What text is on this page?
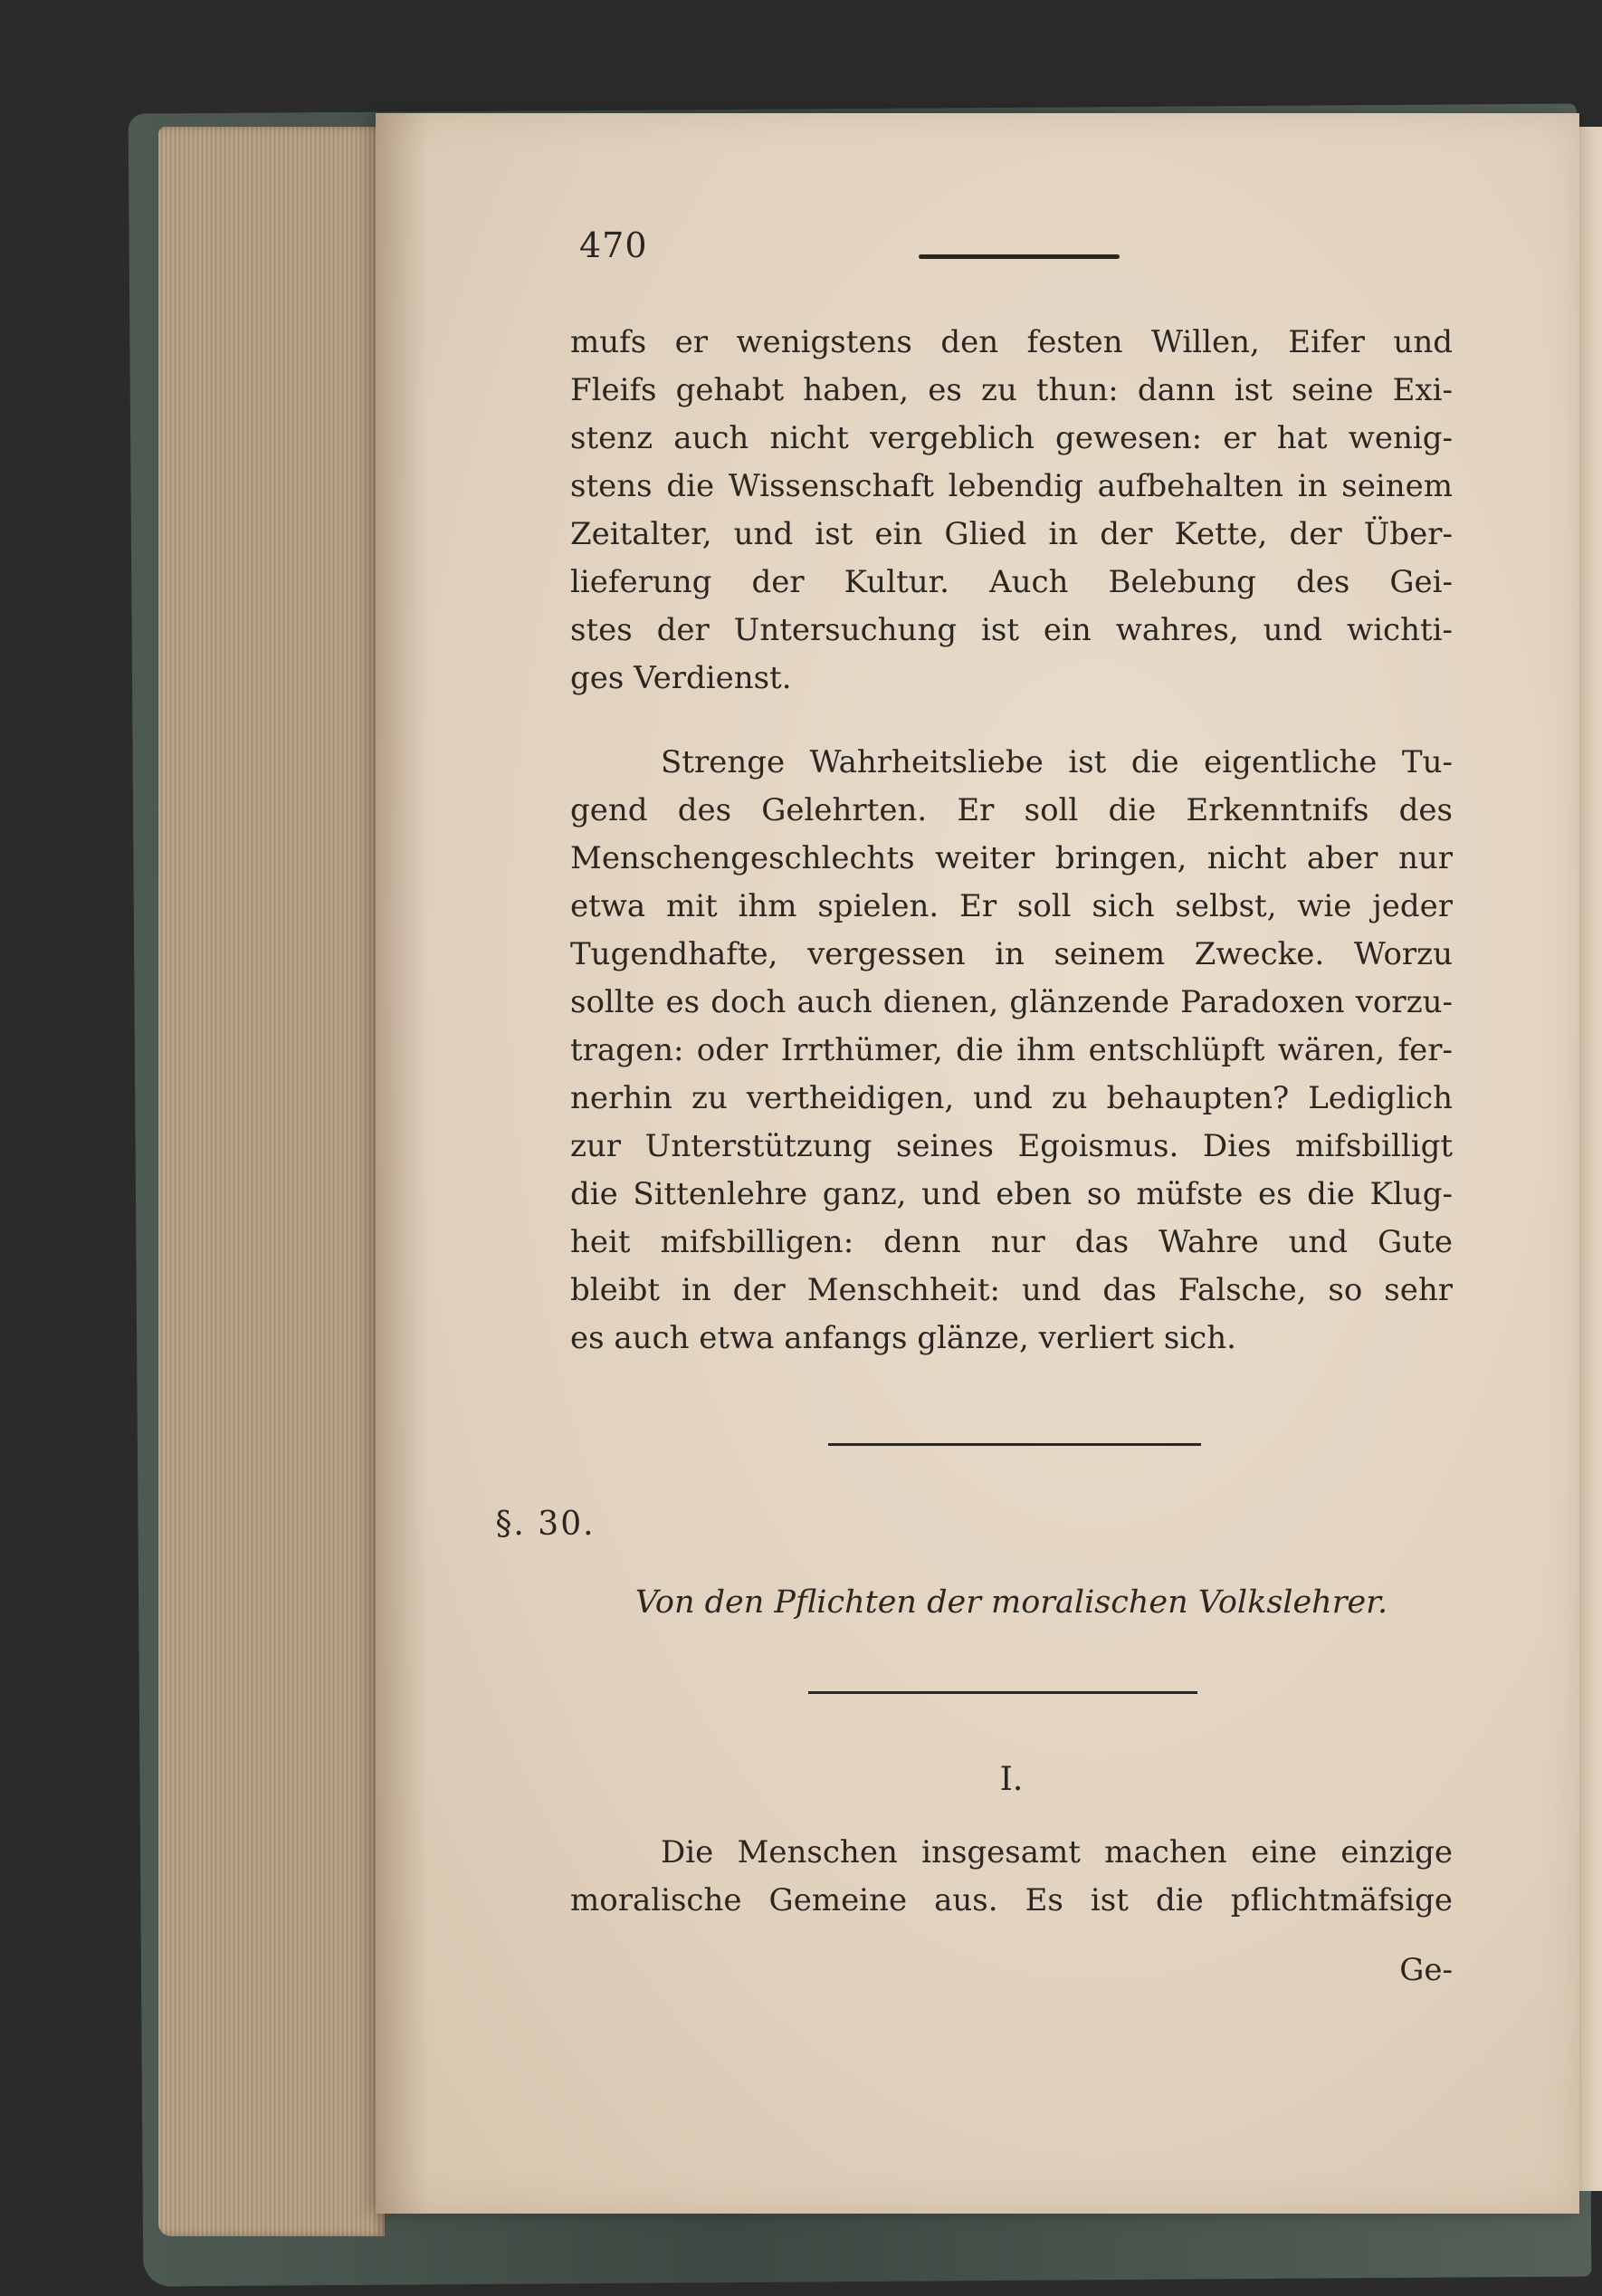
470
mufs er wenigstens den festen Willen, Eifer und
Fleifs gehabt haben, es zu thun: dann ist seine Exi-
stenz auch nicht vergeblich gewesen: er hat wenig-
stens die Wissenschaft lebendig aufbehalten in seinem
Zeitalter, und ist ein Glied in der Kette, der Über-
lieferung der Kultur. Auch Belebung des Gei-
stes der Untersuchung ist ein wahres, und wichti-
ges Verdienst.
Strenge Wahrheitsliebe ist die eigentliche Tu-
gend des Gelehrten. Er soll die Erkenntnifs des
Menschengeschlechts weiter bringen, nicht aber nur
etwa mit ihm spielen. Er soll sich selbst, wie jeder
Tugendhafte, vergessen in seinem Zwecke. Worzu
sollte es doch auch dienen, glänzende Paradoxen vorzu-
tragen: oder Irrthümer, die ihm entschlüpft wären, fer-
nerhin zu vertheidigen, und zu behaupten? Lediglich
zur Unterstützung seines Egoismus. Dies mifsbilligt
die Sittenlehre ganz, und eben so müfste es die Klug-
heit mifsbilligen: denn nur das Wahre und Gute
bleibt in der Menschheit: und das Falsche, so sehr
es auch etwa anfangs glänze, verliert sich.
§. 30.
Von den Pflichten der moralischen Volkslehrer.
I.
Die Menschen insgesamt machen eine einzige
moralische Gemeine aus. Es ist die pflichtmäfsige
Ge-
